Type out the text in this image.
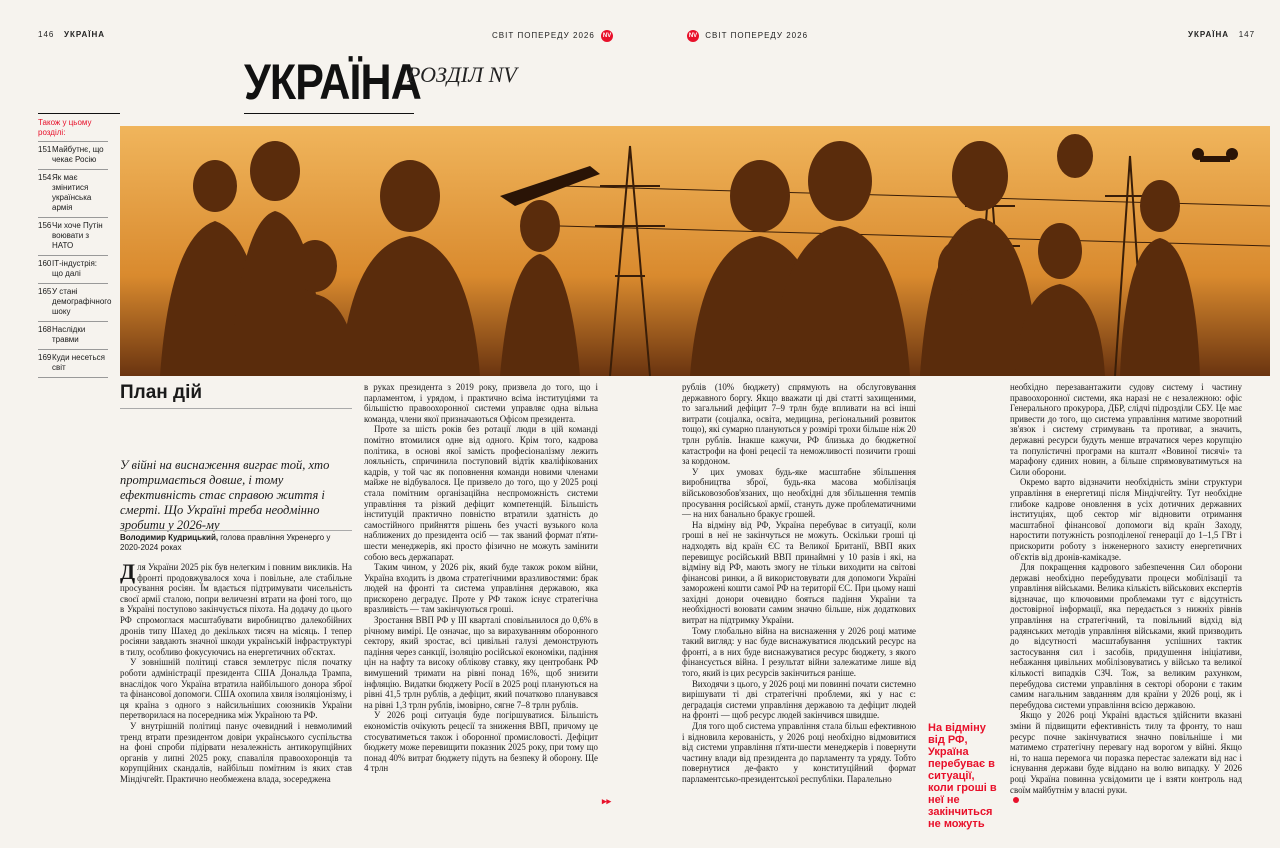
146 УКРАЇНА	СВІТ ПОПЕРЕДУ 2026 NV	NV СВІТ ПОПЕРЕДУ 2026	УКРАЇНА 147
УКРАЇНА
РОЗДІЛ NV
Також у цьому розділі:
151 Майбутнє, що чекає Росію
154 Як має змінитися українська армія
156 Чи хоче Путін воювати з НАТО
160 ІТ-індустрія: що далі
165 У стані демографічного шоку
168 Наслідки травми
169 Куди несеться світ
План дій
У війні на виснаження виграє той, хто протримається довше, і тому ефективність стає справою життя і смерті. Що Україні треба неодмінно зробити у 2026-му
Володимир Кудрицький, голова правління Укренерго у 2020-2024 роках

Для України 2025 рік був нелегким і повним викликів. На фронті продовжувалося хоча і повільне, але стабільне просування росіян. Їм вдається підтримувати чисельність своєї армії сталою, попри величезні втрати на фоні того, що в Україні поступово закінчується піхота. На додачу до цього РФ спромоглася масштабувати виробництво далекобійних дронів типу Шахед до декількох тисяч на місяць. І тепер росіяни завдають значної шкоди українській інфраструктурі в тилу, особливо фокусуючись на енергетичних об'єктах.

У зовнішній політиці стався землетрус після початку роботи адміністрації президента США Дональда Трампа, внаслідок чого Україна втратила найбільшого донора зброї та фінансової допомоги. США охопила хвиля ізоляціонізму, і ця країна з одного з найсильніших союзників України перетворилася на посередника між Україною та РФ.

У внутрішній політиці панує очевидний і невмолимий тренд втрати президентом довіри українського суспільства на фоні спроби підірвати незалежність антикорупційних органів у липні 2025 року, спаваліля правоохоронців та корупційних скандалів, найбільш помітним із яких став Міндічгейт. Практично необмежена влада, зосереджена

в руках президента з 2019 року, призвела до того, що і парламентом, і урядом, і практично всіма інституціями та більшістю правоохоронної системи управляє одна вільна команда, члени якої призначаються Офісом президента.

Проте за шість років без ротації люди в цій команді помітно втомилися одне від одного. Крім того, кадрова політика, в основі якої замість професіоналізму лежить лояльність, спричинила поступовий відтік кваліфікованих кадрів, у той час як поповнення команди новими членами майже не відбувалося. Це призвело до того, що у 2025 році стала помітним організаційна неспроможність системи управління та різкий дефіцит компетенцій. Більшість інституцій практично повністю втратили здатність до самостійного прийняття рішень без участі вузького кола наближених до президента осіб — так званий формат п'яти-шести менеджерів, які просто фізично не можуть замінити собою весь держапарат.

Таким чином, у 2026 рік, який буде також роком війни, Україна входить із двома стратегічними вразливостями: брак людей на фронті та система управління державою, яка прискорено деградує. Проте у РФ також існує стратегічна вразливість — там закінчуються гроші.

Зростання ВВП РФ у III кварталі сповільнилося до 0,6% в річному вимірі. Це означає, що за вирахуванням оборонного сектору, який зростає, всі цивільні галузі демонструють падіння через санкції, ізоляцію російської економіки, падіння цін на нафту та високу облікову ставку, яку центробанк РФ вимушений тримати на рівні понад 16%, щоб знизити інфляцію. Видатки бюджету Росії в 2025 році плануються на рівні 41,5 трлн рублів, а дефіцит, який початково планувався на рівні 1,3 трлн рублів, імовірно, сягне 7–8 трлн рублів.

У 2026 році ситуація буде погіршуватися. Більшість економістів очікують рецесії та зниження ВВП, причому це стосуватиметься також і оборонної промисловості. Дефіцит бюджету може перевищити показник 2025 року, при тому що понад 40% витрат бюджету підуть на безпеку й оборону. Ще 4 трлн

▸▸

рублів (10% бюджету) спрямують на обслуговування державного боргу. Якщо вважати ці дві статті захищеними, то загальний дефіцит 7–9 трлн буде впливати на всі інші витрати (соціалка, освіта, медицина, регіональний розвиток тощо), які сумарно плануються у розмірі трохи більше ніж 20 трлн рублів. Інакше кажучи, РФ близька до бюджетної катастрофи на фоні рецесії та неможливості позичити гроші за кордоном.

У цих умовах будь-яке масштабне збільшення виробництва зброї, будь-яка масова мобілізація військовозобов'язаних, що необхідні для збільшення темпів просування російської армії, стануть дуже проблематичними — на них банально бракує грошей.

На відміну від РФ, Україна перебуває в ситуації, коли гроші в неї не закінчуться не можуть. Оскільки гроші ці надходять від країн ЄС та Великої Британії, ВВП яких перевищує російський ВВП принаймні у 10 разів і які, на відміну від РФ, мають змогу не тільки виходити на світові фінансові ринки, а й використовувати для допомоги Україні заморожені кошти самої РФ на території ЄС. При цьому наші західні донори очевидно бояться падіння України та необхідності воювати самим значно більше, ніж додаткових витрат на підтримку України.

Тому глобально війна на виснаження у 2026 році матиме такий вигляд: у нас буде виснажуватися людський ресурс на фронті, а в них буде виснажуватися ресурс бюджету, з якого фінансується війна. І результат війни залежатиме лише від того, який із цих ресурсів закінчиться раніше.

Виходячи з цього, у 2026 році ми повинні почати системно вирішувати ті дві стратегічні проблеми, які у нас є: деградація системи управління державою та дефіцит людей на фронті — щоб ресурс людей закінчився швидше.

Для того щоб система управління стала більш ефективною і відновила керованість, у 2026 році необхідно відмовитися від системи управління п'яти-шести менеджерів і повернути частину влади від президента до парламенту та уряду. Тобто повернутися де-факто у конституційний формат парламентсько-президентської республіки. Паралельно

На відміну від РФ, Україна перебуває в ситуації, коли гроші в неї не закінчиться не можуть

необхідно перезавантажити судову систему і частину правоохоронної системи, яка наразі не є незалежною: офіс Генерального прокурора, ДБР, слідчі підрозділи СБУ. Це має привести до того, що система управління матиме зворотний зв'язок і систему стримувань та противаг, а значить, державні ресурси будуть менше втрачатися через корупцію та популістичні програми на кшталт «Вовиної тисячі» та марафону єдиних новин, а більше спрямовуватимуться на Сили оборони.

Окремо варто відзначити необхідність зміни структури управління в енергетиці після Міндічгейту. Тут необхідне глибоке кадрове оновлення в усіх дотичних державних інституціях, щоб сектор міг відновити отримання масштабної фінансової допомоги від країн Заходу, наростити потужність розподіленої генерації до 1–1,5 ГВт і прискорити роботу з інженерного захисту енергетичних об'єктів від дронів-камікадзе.

Для покращення кадрового забезпечення Сил оборони державі необхідно перебудувати процеси мобілізації та управління військами. Велика кількість військових експертів відзначає, що ключовими проблемами тут є відсутність достовірної інформації, яка передається з нижніх рівнів управління на стратегічний, та повільний відхід від радянських методів управління військами, який призводить до відсутності масштабування успішних тактик застосування сил і засобів, придушення ініціативи, небажання цивільних мобілізовуватись у військо та великої кількості випадків СЗЧ. Тож, за великим рахунком, перебудова системи управління в секторі оборони є таким самим нагальним завданням для країни у 2026 році, як і перебудова системи управління всією державою.

Якщо у 2026 році Україні вдасться здійснити вказані зміни й підвищити ефективність тилу та фронту, то наш ресурс почне закінчуватися значно повільніше і ми матимемо стратегічну перевагу над ворогом у війні. Якщо ні, то наша перемога чи поразка перестає залежати від нас і існування держави буде віддано на волю випадку. У 2026 році Україна повинна усвідомити це і взяти контроль над своїм майбутнім у власні руки.
